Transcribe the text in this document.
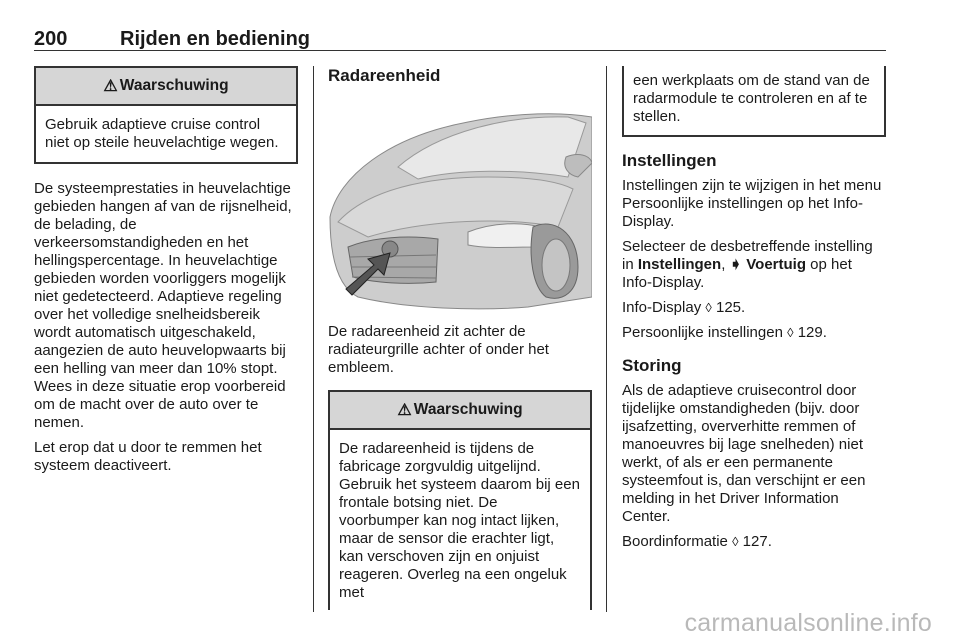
200	Rijden en bediening
⚠ Waarschuwing
Gebruik adaptieve cruise control niet op steile heuvelachtige wegen.

De systeemprestaties in heuvelachtige gebieden hangen af van de rijsnelheid, de belading, de verkeersomstandigheden en het hellingspercentage. In heuvelachtige gebieden worden voorliggers mogelijk niet gedetecteerd. Adaptieve regeling over het volledige snelheidsbereik wordt automatisch uitgeschakeld, aangezien de auto heuvelopwaarts bij een helling van meer dan 10% stopt. Wees in deze situatie erop voorbereid om de macht over de auto over te nemen.

Let erop dat u door te remmen het systeem deactiveert.

Radareenheid

De radareenheid zit achter de radiateurgrille achter of onder het embleem.

⚠ Waarschuwing
De radareenheid is tijdens de fabricage zorgvuldig uitgelijnd. Gebruik het systeem daarom bij een frontale botsing niet. De voorbumper kan nog intact lijken, maar de sensor die erachter ligt, kan verschoven zijn en onjuist reageren. Overleg na een ongeluk met
een werkplaats om de stand van de radarmodule te controleren en af te stellen.
Instellingen

Instellingen zijn te wijzigen in het menu Persoonlijke instellingen op het Info-Display.

Selecteer de desbetreffende instelling in Instellingen, ➧ Voertuig op het Info-Display.

Info-Display ◊ 125.

Persoonlijke instellingen ◊ 129.

Storing

Als de adaptieve cruisecontrol door tijdelijke omstandigheden (bijv. door ijsafzetting, oververhitte remmen of manoeuvres bij lage snelheden) niet werkt, of als er een permanente systeemfout is, dan verschijnt er een melding in het Driver Information Center.

Boordinformatie ◊ 127.

carmanualsonline.info
